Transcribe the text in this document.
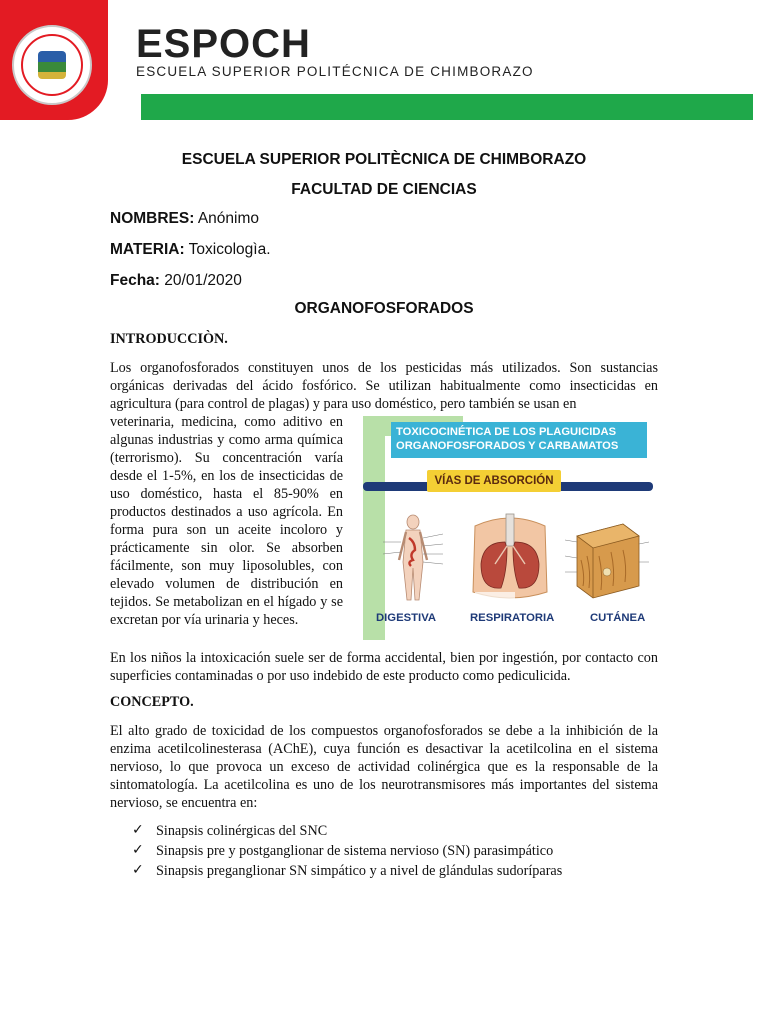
ESPOCH
ESCUELA SUPERIOR POLITÉCNICA DE CHIMBORAZO
ESCUELA SUPERIOR POLITÈCNICA DE CHIMBORAZO
FACULTAD DE CIENCIAS
NOMBRES: Anónimo
MATERIA: Toxicologìa.
Fecha: 20/01/2020
ORGANOFOSFORADOS
INTRODUCCIÒN.
Los organofosforados constituyen unos de los pesticidas más utilizados. Son sustancias orgánicas derivadas del ácido fosfórico. Se utilizan habitualmente como insecticidas en agricultura (para control de plagas) y para uso doméstico, pero también se usan en
veterinaria, medicina, como aditivo en algunas industrias y como arma química (terrorismo). Su concentración varía desde el 1-5%, en los de insecticidas de uso doméstico, hasta el 85-90% en productos destinados a uso agrícola. En forma pura son un aceite incoloro y prácticamente sin olor. Se absorben fácilmente, son muy liposolubles, con elevado volumen de distribución en tejidos. Se metabolizan en el hígado y se excretan por vía urinaria y heces.
En los niños la intoxicación suele ser de forma accidental, bien por ingestión, por contacto con superficies contaminadas o por uso indebido de este producto como pediculicida.
TOXICOCINÉTICA DE LOS PLAGUICIDAS
ORGANOFOSFORADOS Y CARBAMATOS
VÍAS DE ABSORCIÓN
DIGESTIVA	RESPIRATORIA	CUTÁNEA
CONCEPTO.
El alto grado de toxicidad de los compuestos organofosforados se debe a la inhibición de la enzima acetilcolinesterasa (AChE), cuya función es desactivar la acetilcolina en el sistema nervioso, lo que provoca un exceso de actividad colinérgica que es la responsable de la sintomatología. La acetilcolina es uno de los neurotransmisores más importantes del sistema nervioso, se encuentra en:
✓ Sinapsis colinérgicas del SNC
✓ Sinapsis pre y postganglionar de sistema nervioso (SN) parasimpático
✓ Sinapsis preganglionar SN simpático y a nivel de glándulas sudoríparas
